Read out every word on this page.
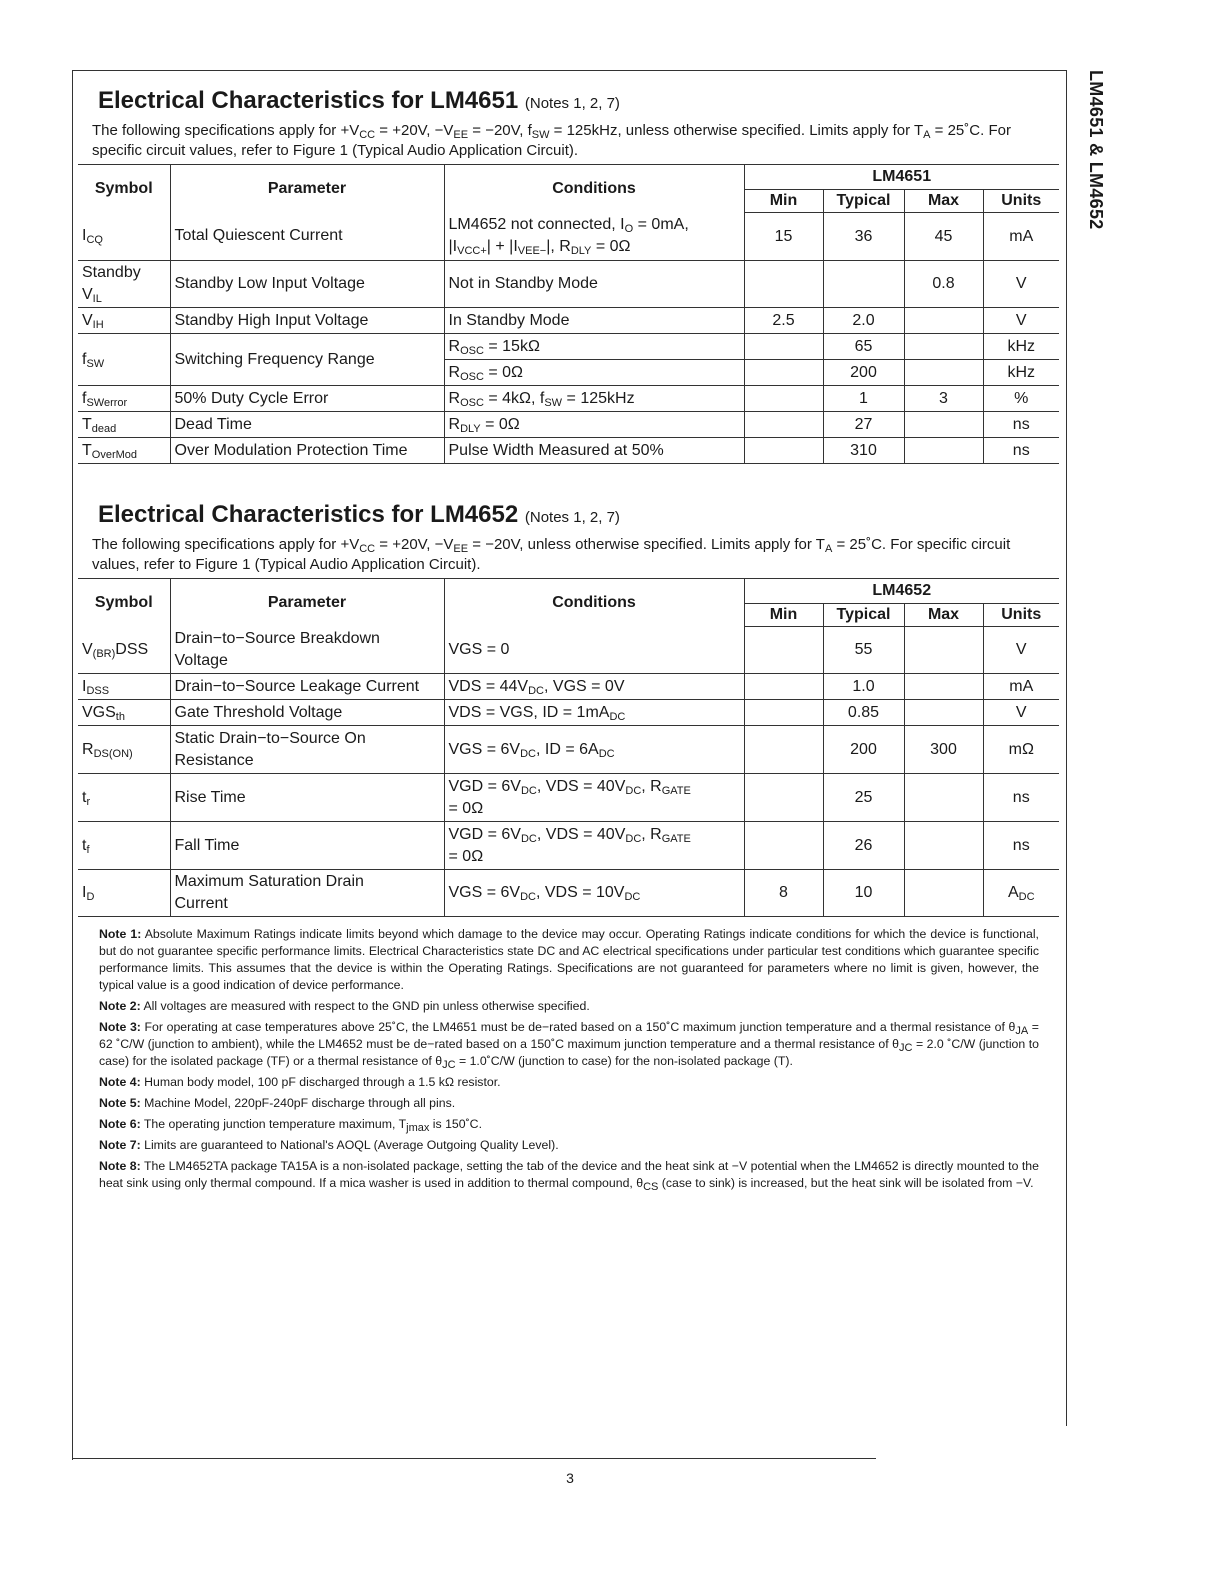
LM4651 & LM4652
Electrical Characteristics for LM4651 (Notes 1, 2, 7)

The following specifications apply for $+V_{CC} = +20V$, $-V_{EE} = -20V$, $f_{SW} = 125kHz$, unless otherwise specified. Limits apply for $T_A$ = 25˚C. For specific circuit values, refer to Figure 1 (Typical Audio Application Circuit).

Symbol	Parameter	Conditions	LM4651			
			Min	Typical	Max	Units
$I_{CQ}$	Total Quiescent Current	LM4652 not connected, $I_O = 0mA$,
$|I_{VCC+}| + |I_{VEE-}|$, $R_{DLY} = 0\Omega$	15	36	45	mA
Standby
$V_{IL}$	Standby Low Input Voltage	Not in Standby Mode			0.8	V
$V_{IH}$	Standby High Input Voltage	In Standby Mode	2.5	2.0		V
$f_{SW}$	Switching Frequency Range	$R_{OSC} = 15k\Omega$		65		kHz
		$R_{OSC} = 0\Omega$		200		kHz
$f_{SWerror}$	50% Duty Cycle Error	$R_{OSC} = 4k\Omega$, $f_{SW} = 125kHz$		1	3	%
$T_{dead}$	Dead Time	$R_{DLY} = 0\Omega$		27		ns
$T_{OverMod}$	Over Modulation Protection Time	Pulse Width Measured at 50%		310		ns
Electrical Characteristics for LM4652 (Notes 1, 2, 7)

The following specifications apply for $+V_{CC} = +20V$, $-V_{EE} = -20V$, unless otherwise specified. Limits apply for $T_A$ = 25˚C. For specific circuit values, refer to Figure 1 (Typical Audio Application Circuit).

Symbol	Parameter	Conditions	LM4652			
			Min	Typical	Max	Units
$V_{(BR)}DSS$	Drain−to−Source Breakdown
Voltage	VGS = 0		55		V
$I_{DSS}$	Drain−to−Source Leakage Current	VDS = $44V_{DC}$, VGS = 0V		1.0		mA
$VGS_{th}$	Gate Threshold Voltage	VDS = VGS, ID = $1mA_{DC}$		0.85		V
$R_{DS(ON)}$	Static Drain−to−Source On
Resistance	VGS = $6V_{DC}$, ID = $6A_{DC}$		200	300	mΩ
$t_r$	Rise Time	VGD = $6V_{DC}$, VDS = $40V_{DC}$, $R_{GATE}$
= 0Ω		25		ns
$t_f$	Fall Time	VGD = $6V_{DC}$, VDS = $40V_{DC}$, $R_{GATE}$
= 0Ω		26		ns
$I_D$	Maximum Saturation Drain
Current	VGS = $6V_{DC}$, VDS = $10V_{DC}$	8	10		$A_{DC}$

Note 1: Absolute Maximum Ratings indicate limits beyond which damage to the device may occur. Operating Ratings indicate conditions for which the device is functional, but do not guarantee specific performance limits. Electrical Characteristics state DC and AC electrical specifications under particular test conditions which guarantee specific performance limits. This assumes that the device is within the Operating Ratings. Specifications are not guaranteed for parameters where no limit is given, however, the typical value is a good indication of device performance.

Note 2: All voltages are measured with respect to the GND pin unless otherwise specified.

Note 3: For operating at case temperatures above 25˚C, the LM4651 must be de−rated based on a 150˚C maximum junction temperature and a thermal resistance of $\theta_{JA} = 62$ ˚C/W (junction to ambient), while the LM4652 must be de−rated based on a 150˚C maximum junction temperature and a thermal resistance of $\theta_{JC} = 2.0$ ˚C/W (junction to case) for the isolated package (TF) or a thermal resistance of $\theta_{JC}$ = 1.0˚C/W (junction to case) for the non-isolated package (T).

Note 4: Human body model, 100 pF discharged through a 1.5 kΩ resistor.

Note 5: Machine Model, 220pF-240pF discharge through all pins.

Note 6: The operating junction temperature maximum, $T_{jmax}$ is 150˚C.

Note 7: Limits are guaranteed to National's AOQL (Average Outgoing Quality Level).

Note 8: The LM4652TA package TA15A is a non-isolated package, setting the tab of the device and the heat sink at −V potential when the LM4652 is directly mounted to the heat sink using only thermal compound. If a mica washer is used in addition to thermal compound, $\theta_{CS}$ (case to sink) is increased, but the heat sink will be isolated from −V.

3
